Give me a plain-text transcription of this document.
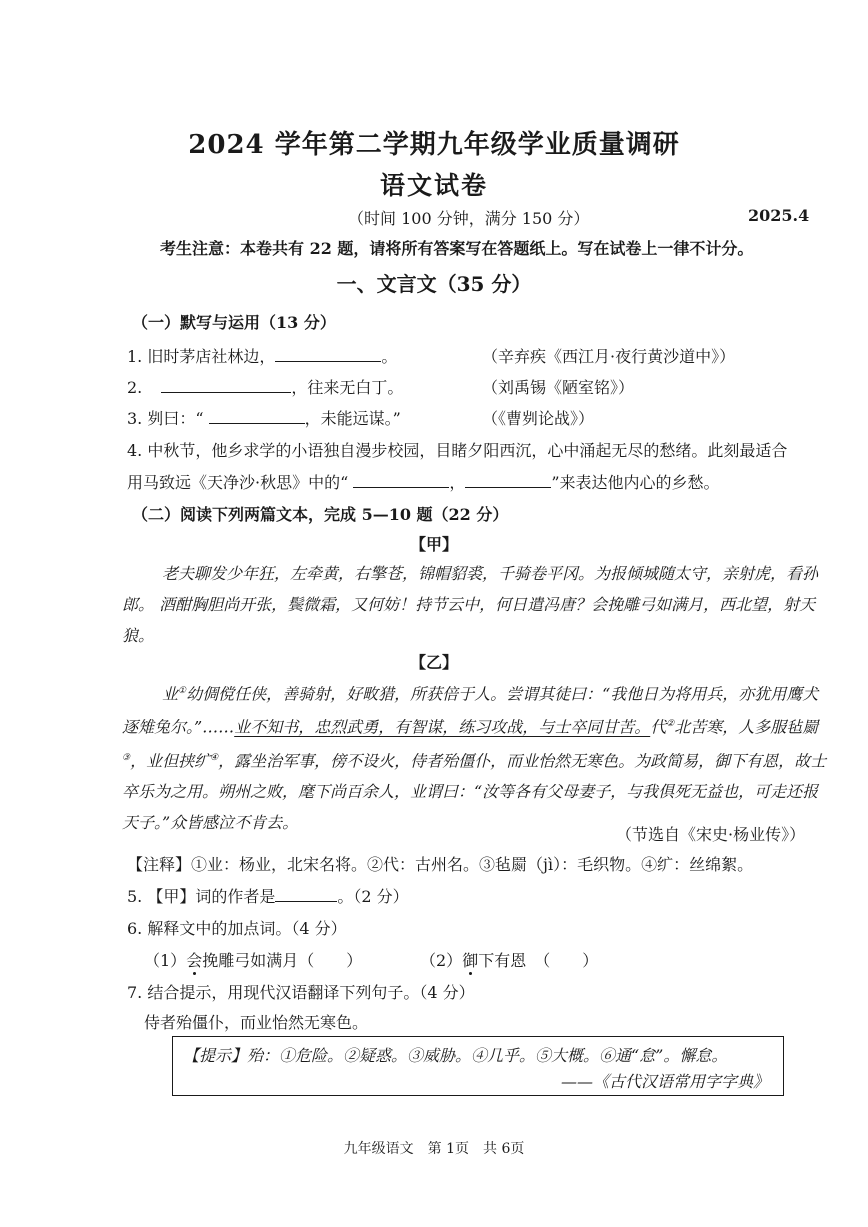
2024 学年第二学期九年级学业质量调研
语文试卷
（时间 100 分钟，满分 150 分）	2025.4
考生注意：本卷共有 22 题，请将所有答案写在答题纸上。写在试卷上一律不计分。
一、文言文（35 分）
（一）默写与运用（13 分）
1. 旧时茅店社林边，	。	（辛弃疾《西江月·夜行黄沙道中》）
2.	，往来无白丁。	（刘禹锡《陋室铭》）
3. 刿曰：“	，未能远谋。”	（《曹刿论战》）
4. 中秋节，他乡求学的小语独自漫步校园，目睹夕阳西沉，心中涌起无尽的愁绪。此刻最适合
用马致远《天净沙·秋思》中的“	，	”来表达他内心的乡愁。
（二）阅读下列两篇文本，完成 5—10 题（22 分）
【甲】
老夫聊发少年狂，左牵黄，右擎苍，锦帽貂裘，千骑卷平冈。为报倾城随太守，亲射虎，看孙郎。 酒酣胸胆尚开张，鬓微霜，又何妨！持节云中，何日遣冯唐？会挽雕弓如满月，西北望，射天狼。
【乙】
业①幼倜傥任侠，善骑射，好畋猎，所获倍于人。尝谓其徒曰：“我他日为将用兵，亦犹用鹰犬逐雉兔尔。”……业不知书，忠烈武勇，有智谋，练习攻战，与士卒同甘苦。代②北苦寒，人多服毡罽③，业但挟纩④，露坐治军事，傍不设火，侍者殆僵仆，而业怡然无寒色。为政简易，御下有恩，故士卒乐为之用。朔州之败，麾下尚百余人，业谓曰：“汝等各有父母妻子，与我俱死无益也，可走还报天子。”众皆感泣不肯去。
（节选自《宋史·杨业传》）
【注释】①业：杨业，北宋名将。②代：古州名。③毡罽（jì）：毛织物。④纩：丝绵絮。
5. 【甲】词的作者是	。（2 分）
6. 解释文中的加点词。（4 分）
（1）会挽雕弓如满月（　　）	（2）御下有恩　（　　）
7. 结合提示，用现代汉语翻译下列句子。（4 分）
侍者殆僵仆，而业怡然无寒色。
【提示】殆：①危险。②疑惑。③威胁。④几乎。⑤大概。⑥通“怠”。懈怠。
——《古代汉语常用字字典》
九年级语文　第 1页　共 6页
